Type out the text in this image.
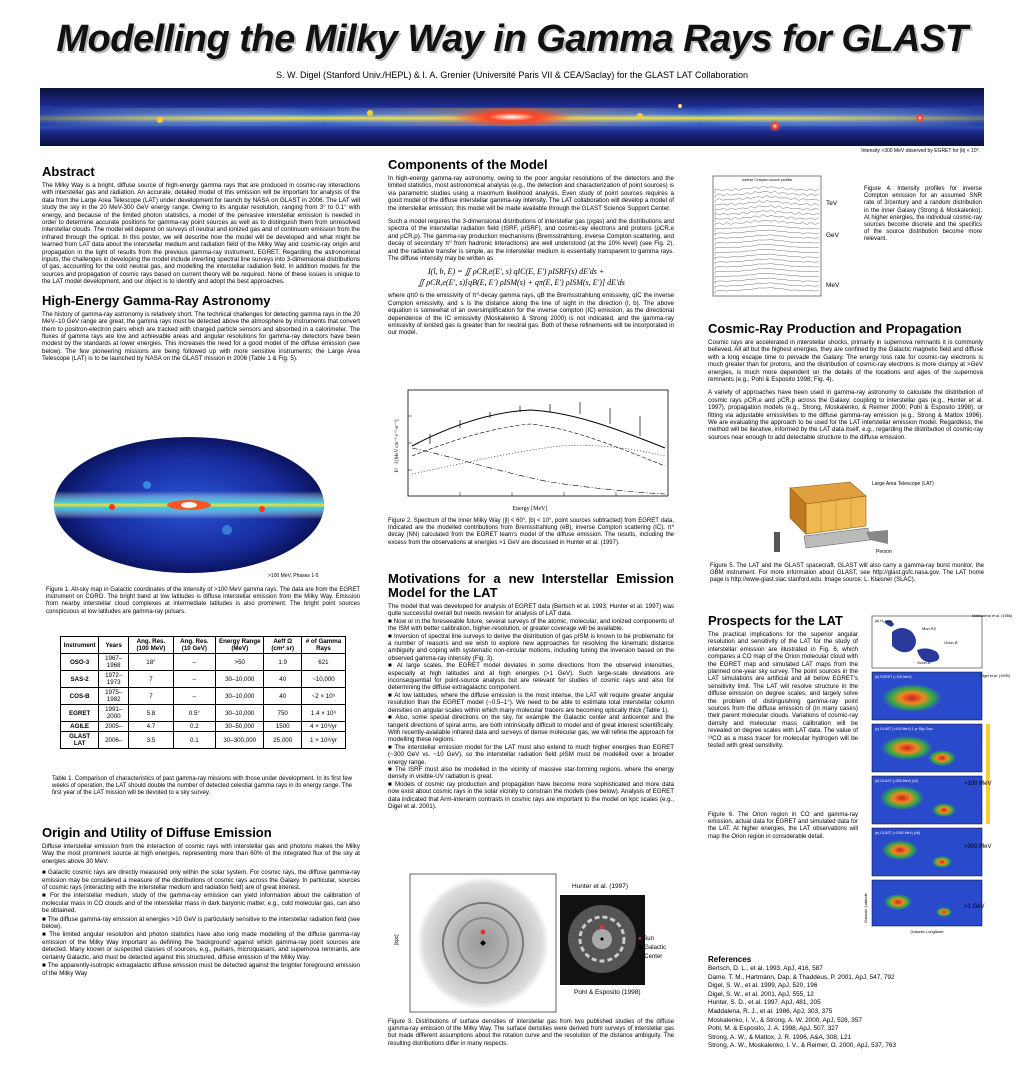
Modelling the Milky Way in Gamma Rays for GLAST
S. W. Digel (Stanford Univ./HEPL) & I. A. Grenier (Université Paris VII & CEA/Saclay) for the GLAST LAT Collaboration
Intensity >300 MeV observed by EGRET for |b| < 10°.
Abstract

The Milky Way is a bright, diffuse source of high-energy gamma rays that are produced in cosmic-ray interactions with interstellar gas and radiation. An accurate, detailed model of this emission will be important for analysis of the data from the Large Area Telescope (LAT) under development for launch by NASA on GLAST in 2006. The LAT will study the sky in the 20 MeV-300 GeV energy range. Owing to its angular resolution, ranging from 3° to 0.1° with energy, and because of the limited photon statistics, a model of the pervasive interstellar emission is needed in order to determine accurate positions for gamma-ray point sources as well as to distinguish them from unresolved interstellar clouds. The model will depend on surveys of neutral and ionized gas and of continuum emission from the infrared through the optical. In this poster, we will describe how the model will be developed and what might be learned from LAT data about the interstellar medium and radiation field of the Milky Way and cosmic-ray origin and propagation in the light of results from the previous gamma-ray instrument, EGRET. Regarding the astronomical inputs, the challenges in developing the model include inverting spectral line surveys into 3-dimensional distributions of gas, accounting for the cold neutral gas, and modelling the interstellar radiation field. In addition models for the sources and propagation of cosmic rays based on current theory will be required. None of these issues is unique to the LAT model development, and our object is to identify and adopt the best approaches.

High-Energy Gamma-Ray Astronomy

The history of gamma-ray astronomy is relatively short. The technical challenges for detecting gamma rays in the 20 MeV–10 GeV range are great; the gamma rays must be detected above the atmosphere by instruments that convert them to positron-electron pairs which are tracked with charged particle sensors and absorbed in a calorimeter. The fluxes of gamma rays are low and achievable areas and angular resolutions for gamma-ray detectors have been modest by the standards at lower energies. This increases the need for a good model of the diffuse emission (see below). The few pioneering missions are being followed up with more sensitive instruments; the Large Area Telescope (LAT) is to be launched by NASA on the GLAST mission in 2006 (Table 1 & Fig. 5).

>100 MeV, Phases 1-5
Figure 1. All-sky map in Galactic coordinates of the Intensity of >100 MeV gamma rays. The data are from the EGRET instrument on CGRO. The bright band at low latitudes is diffuse interstellar emission from the Milky Way. Emission from nearby interstellar cloud complexes at intermediate latitudes is also prominent. The bright point sources conspicuous at low latitudes are gamma-ray pulsars.
Instrument	Years	Ang. Res. (100 MeV)	Ang. Res. (10 GeV)	Energy Range (MeV)	Aeff Ω (cm² sr)	# of Gamma Rays
OSO-3	1967–1968	18°	–	>50	1.9	621
SAS-2	1972–1973	7	–	30–10,000	40	~10,000
COS-B	1975–1982	7	–	30–10,000	40	~2 × 10⁵
EGRET	1991–2000	5.8	0.5°	30–10,000	750	1.4 × 10⁶
AGILE	2005–	4.7	0.2	30–50,000	1500	4 × 10⁶/yr
GLAST LAT	2006–	3.5	0.1	30–300,000	25,000	1 × 10⁸/yr
Table 1. Comparison of characteristics of past gamma-ray missions with those under development. In its first few weeks of operation, the LAT should double the number of detected celestial gamma rays in its energy range. The first year of the LAT mission will be devoted to a sky survey.
Origin and Utility of Diffuse Emission

Diffuse interstellar emission from the interaction of cosmic rays with interstellar gas and photons makes the Milky Way the most prominent source at high energies, representing more than 60% of the integrated flux of the sky at energies above 30 MeV.

■ Galactic cosmic rays are directly measured only within the solar system. For cosmic rays, the diffuse gamma-ray emission may be considered a measure of the distributions of cosmic rays across the Galaxy. In particular, sources of cosmic rays (interacting with the interstellar medium and radiation field) are of great interest.

■ For the interstellar medium, study of the gamma-ray emission can yield information about the calibration of molecular mass in CO clouds and of the interstellar mass in dark baryonic matter, e.g., cold molecular gas, can also be obtained.

■ The diffuse gamma-ray emission at energies >10 GeV is particularly sensitive to the interstellar radiation field (see below).

■ The limited angular resolution and photon statistics have also long made modelling of the diffuse gamma-ray emission of the Milky Way important as defining the 'background' against which gamma-ray point sources are detected. Many known or suspected classes of sources, e.g., pulsars, microquasars, and supernova remnants, are certainly Galactic, and must be detected against this structured, diffuse emission of the Milky Way.

■ The apparently-isotropic extragalactic diffuse emission must be detected against the brighter foreground emission of the Milky Way

Components of the Model

In high-energy gamma-ray astronomy, owing to the poor angular resolutions of the detectors and the limited statistics, most astronomical analysis (e.g., the detection and characterization of point sources) is via parametric studies using a maximum likelihood analysis. Even study of point sources requires a good model of the diffuse interstellar gamma-ray intensity. The LAT collaboration will develop a model of the interstellar emission; this model will be made available through the GLAST Science Support Center.

Such a model requires the 3-dimensional distributions of interstellar gas (ρgas) and the distributions and spectra of the interstellar radiation field (ISRF, ρISRF), and cosmic-ray electrons and protons (ρCR,e and ρCR,p). The gamma-ray production mechanisms (Bremsstrahlung, inverse Compton scattering, and decay of secondary π⁰ from hadronic interactions) are well understood (at the 10% level) (see Fig. 2), and the radiative transfer is simple, as the interstellar medium is essentially transparent to gamma rays. The diffuse intensity may be written as

I(l, b, E) = ∬ ρCR,e(E′, s) qIC(E, E′) ρISRF(s) dE′ds +
∬ ρCR,e(E′, s)[qB(E, E′) ρISM(s) + qπ(E, E′) ρISM(s, E′)] dE′ds

where qπ0 is the emissivity of π⁰-decay gamma rays, qB the Bremsstrahlung emissivity, qIC the inverse Compton emissivity, and s is the distance along the line of sight in the direction (l, b). The above equation is somewhat of an oversimplification for the inverse compton (IC) emission, as the directional dependence of the IC emissivity (Moskalenko & Strong 2000) is not indicated, and the gamma-ray emissivity of ionized gas is greater than for neutral gas. Both of these refinements will be incorporated in our model.

Energy [MeV]
E² · I [MeV cm⁻² s⁻¹ sr⁻¹]
Figure 2. Spectrum of the inner Milky Way (|l| < 60°, |b| < 10°, point sources subtracted) from EGRET data. Indicated are the modelled contributions from Bremsstrahlung (eB), inverse Compton scattering (IC), π⁰ decay (NN) calculated from the EGRET team's model of the diffuse emission. The results, including the excess from the observations at energies >1 GeV are discussed in Hunter et al. (1997).
Motivations for a new Interstellar Emission Model for the LAT

The model that was developed for analysis of EGRET data (Bertsch et al. 1993; Hunter et al. 1997) was quite successful overall but needs revision for analysis of LAT data.

■ Now or in the foreseeable future, several surveys of the atomic, molecular, and ionized components of the ISM with better calibration, higher-resolution, or greater coverage will be available.

■ Inversion of spectral line surveys to derive the distribution of gas ρISM is known to be problematic for a number of reasons and we wish to explore new approaches for resolving the kinematic distance ambiguity and coping with systematic non-circular motions, including tuning the inversion based on the observed gamma-ray intensity (Fig. 3).

■ At large scales, the EGRET model deviates in some directions from the observed intensities, especially at high latitudes and at high energies (>1 GeV). Such large-scale deviations are inconsequential for point-source analysis but are relevant for studies of cosmic rays and also for determining the diffuse extragalactic component.

■ At low latitudes, where the diffuse emission is the most intense, the LAT will require greater angular resolution than the EGRET model (~0.5–1°). We need to be able to estimate total interstellar column densities on angular scales within which many molecular tracers are becoming optically thick (Table 1).

■ Also, some special directions on the sky, for example the Galactic center and anticenter and the tangent directions of spiral arms, are both intrinsically difficult to model and of great interest scientifically. With recently-available infrared data and surveys of dense molecular gas, we will refine the approach for modelling these regions.

■ The interstellar emission model for the LAT must also extend to much higher energies than EGRET (~300 GeV vs. ~10 GeV), so the interstellar radiation field ρISM must be modelled over a broader energy range.

■ The ISRF must also be modelled in the vicinity of massive star-forming regions, where the energy density in visible-UV radiation is great.

■ Models of cosmic ray production and propagation have become more sophisticated and more data now exist about cosmic rays in the solar vicinity to constrain the models (see below). Analysis of EGRET data indicated that Arm-interarm contrasts in cosmic rays are important to the model on kpc scales (e.g., Digel et al. 2001).

[kpc]
Hunter et al. (1997)
Pohl & Esposito (1998)
● Sun
◆ Galactic Center
Figure 3. Distributions of surface densities of interstellar gas from two published studies of the diffuse gamma-ray emission of the Milky Way. The surface densities were derived from surveys of interstellar gas but made different assumptions about the rotation curve and the resolution of the distance ambiguity. The resulting distributions differ in many respects.
Inverse Compton source profiles
TeV
GeV
MeV
Figure 4. Intensity profiles for inverse Compton emission for an assumed SNR rate of 3/century and a random distribution in the inner Galaxy (Strong & Moskalenko). At higher energies, the individual cosmic-ray sources become discrete and the specifics of the source distribution become more relevant.
Cosmic-Ray Production and Propagation

Cosmic rays are accelerated in interstellar shocks, primarily in supernova remnants it is commonly believed. All all but the highest energies, they are confined by the Galactic magnetic field and diffuse with a long escape time to pervade the Galaxy. The energy loss rate for cosmic-ray electrons is much greater than for protons, and the distribution of cosmic-ray electrons is more clumpy at >GeV energies, is much more dependent on the details of the locations and ages of the supernova remnants (e.g., Pohl & Esposito 1998; Fig. 4).

A variety of approaches have been used in gamma-ray astronomy to calculate the distribution of cosmic rays ρCR,e and ρCR,p across the Galaxy: coupling to interstellar gas (e.g., Hunter et al. 1997), propagation models (e.g., Strong, Moskalenko, & Reimer 2000; Pohl & Esposito 1998), or fitting via adjustable emissivities to the diffuse gamma-ray emission (e.g., Strong & Mattox 1996). We are evaluating the approach to be used for the LAT interstellar emission model. Regardless, the method will be iterative, informed by the LAT data itself, e.g., regarding the distribution of cosmic-ray sources near enough to add detectable structure to the diffuse emission.

Large Area Telescope (LAT)
Person
Figure 5. The LAT and the GLAST spacecraft. GLAST will also carry a gamma-ray burst monitor, the GBM instrument. For more information about GLAST, see http://glast.gsfc.nasa.gov. The LAT home page is http://www-glast.slac.stanford.edu. Image source: L. Klaisner (SLAC).
Prospects for the LAT

The practical implications for the superior angular resolution and sensitivity of the LAT for the study of interstellar emission are illustrated in Fig. 6, which compares a CO map of the Orion molecular cloud with the EGRET map and simulated LAT maps from the planned one-year sky survey. The point sources in the LAT simulations are artificial and all below EGRET's sensitivity limit. The LAT will resolve structure in the diffuse emission on degree scales, and largely solve the problem of distinguishing gamma-ray point sources from the diffuse emission of (in many cases) their parent molecular clouds. Variations of cosmic-ray density and molecular mass calibration will be revealed on degree scales with LAT data. The value of ¹³CO as a mass tracer for molecular hydrogen will be tested with great sensitivity.

(a) H₂ map
(b) EGRET (>100 MeV)
(c) GLAST (>100 MeV) 1 yr Sky Surv.
(d) GLAST (>300 MeV) (x2)
(e) GLAST (>1000 MeV) (x8)
Mon R2
Orion B
Orion A
Galactic Longitude
Galactic Latitude
Maddalena et al. (1986)
Digel et al. (1999)
>100 MeV
>300 MeV
>1 GeV
Figure 6. The Orion region in CO and gamma-ray emission, actual data for EGRET and simulated data for the LAT. At higher energies, the LAT observations will map the Orion region in considerable detail.
References

Bertsch, D. L., et al. 1993, ApJ, 416, 587

Dame, T. M., Hartmann, Dap, & Thaddeus, P. 2001, ApJ, 547, 792

Digel, S. W., et al. 1999, ApJ, 520, 196

Digel, S. W., et al. 2001, ApJ, 555, 12

Hunter, S. D., et al. 1997, ApJ, 481, 205

Maddalena, R. J., et al. 1986, ApJ, 303, 375

Moskalenko, I. V., & Strong, A. W. 2000, ApJ, 528, 357

Pohl, M. & Esposito, J. A. 1998, ApJ, 507, 327

Strong, A. W., & Mattox, J. R. 1996, A&A, 308, L21

Strong, A. W., Moskalenko, I. V., & Reimer, O. 2000, ApJ, 537, 763
